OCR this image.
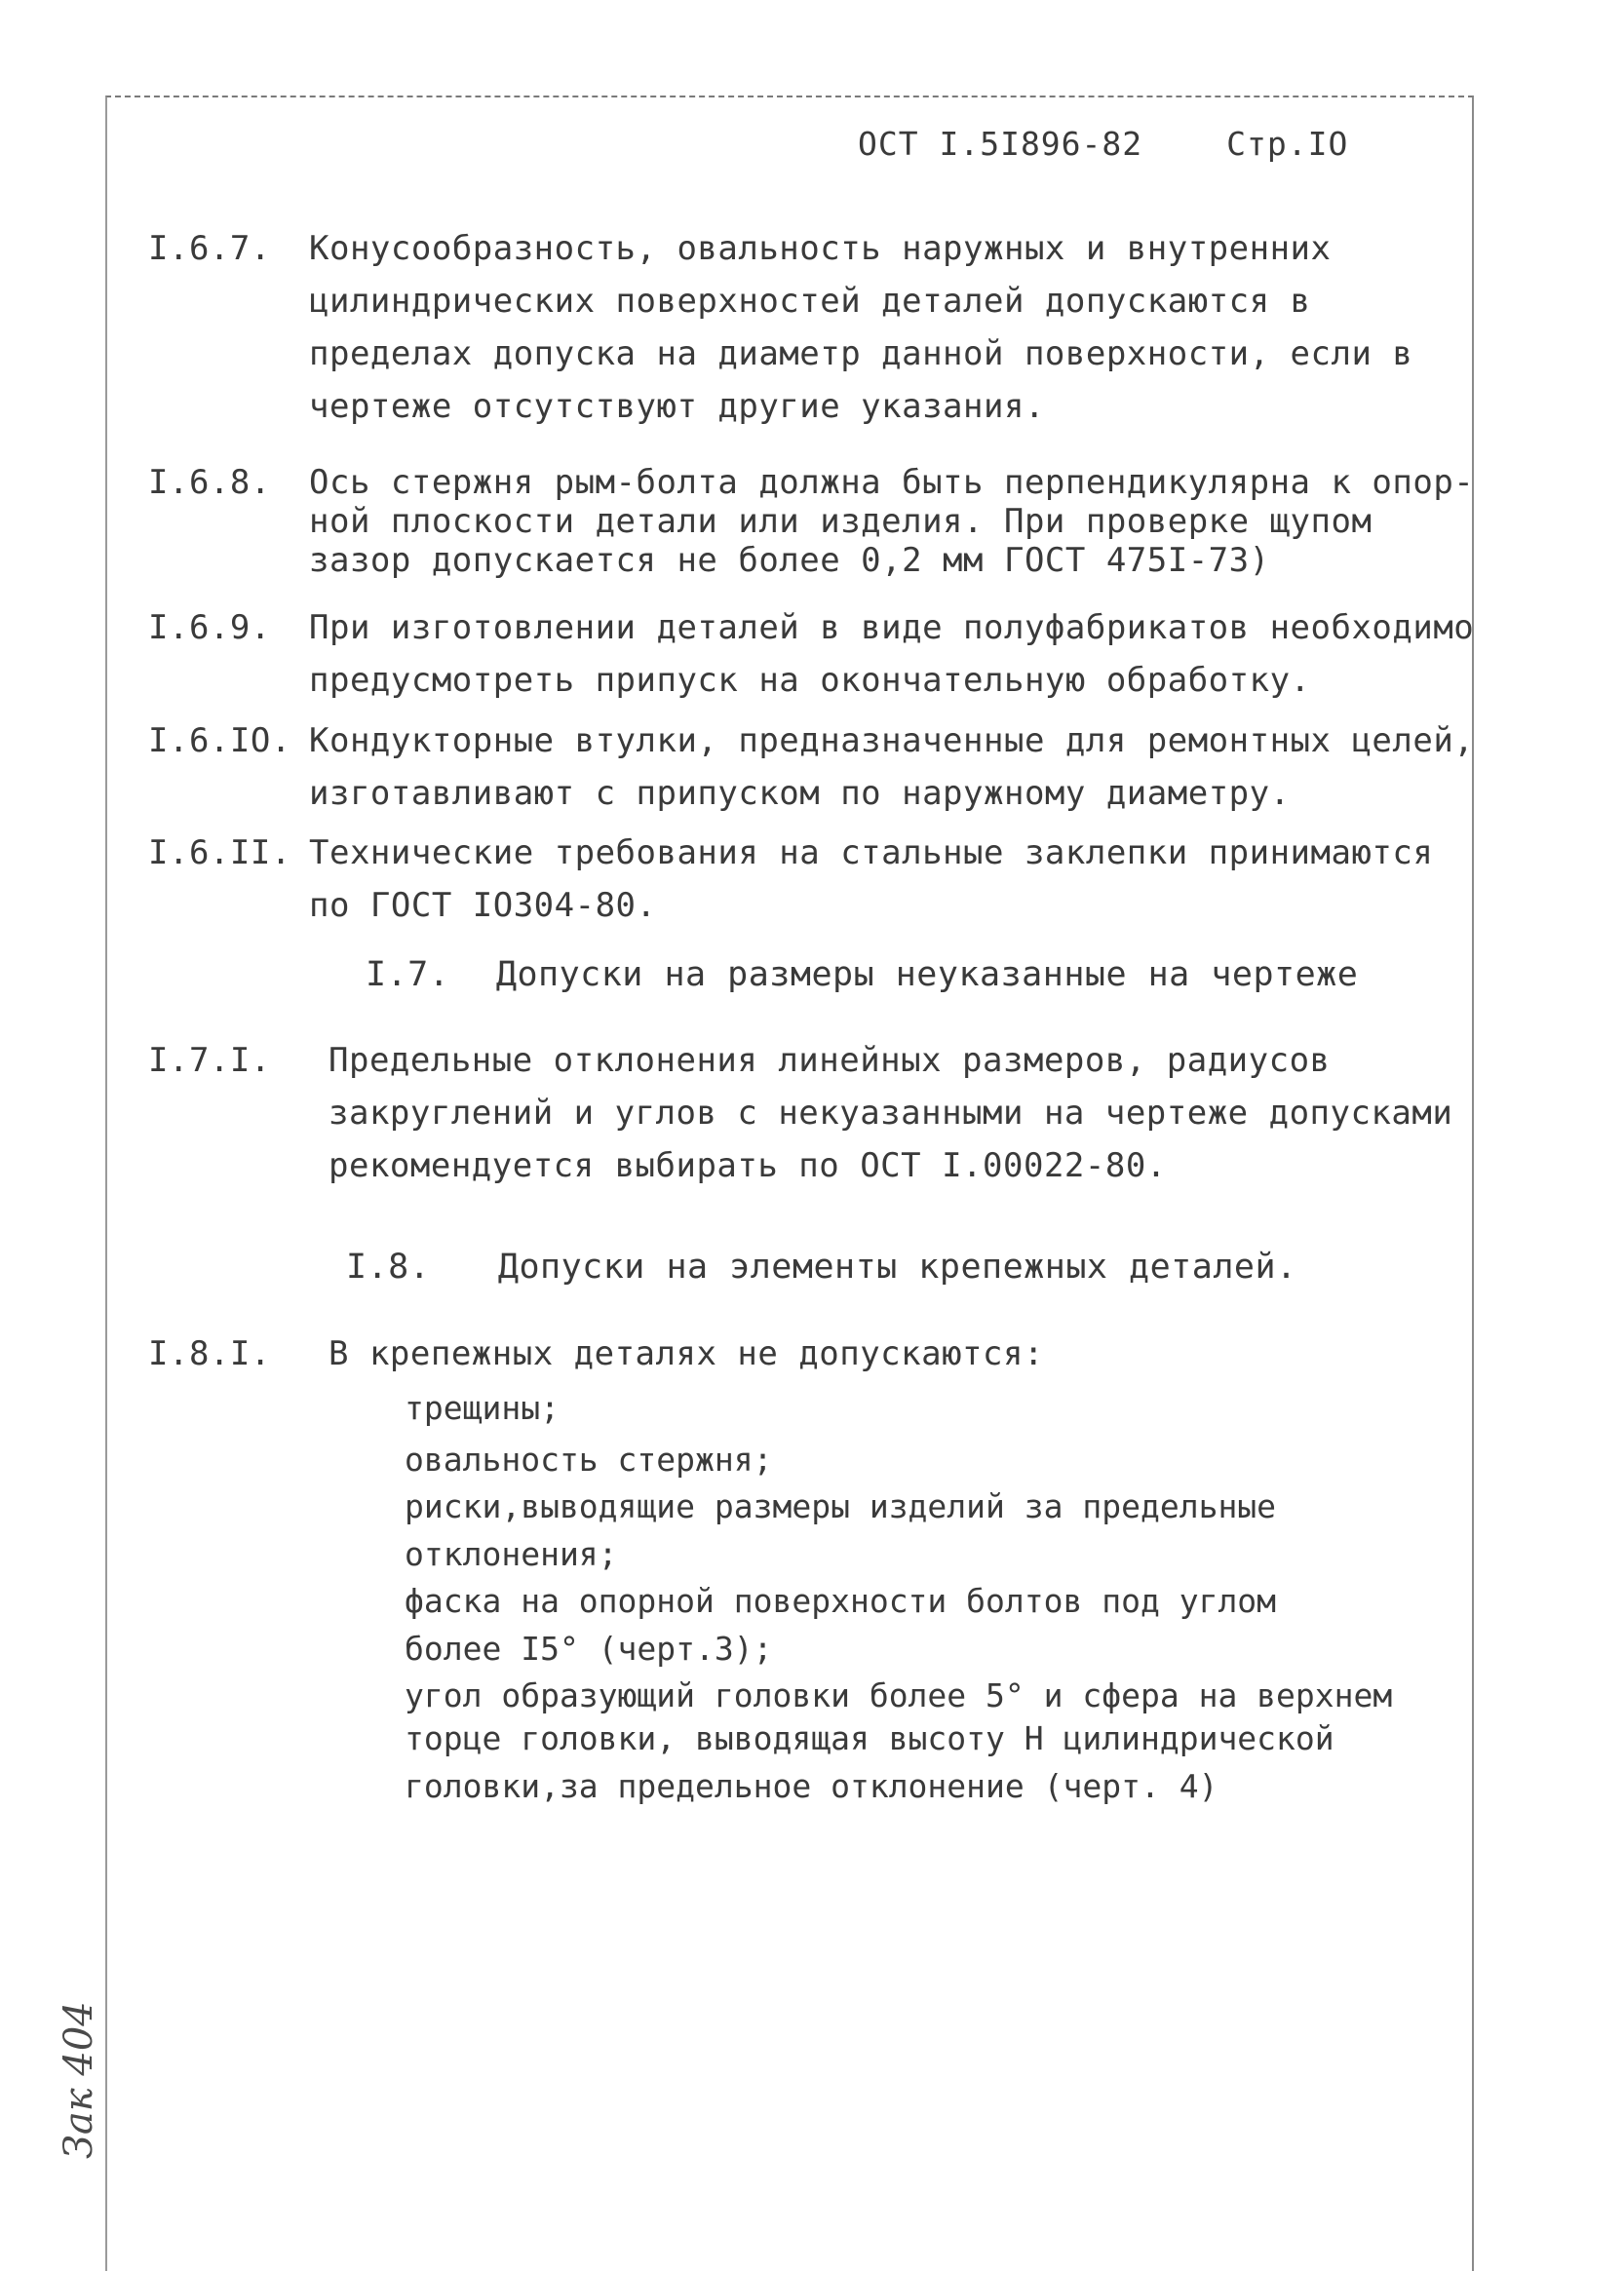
ОСТ I.5I896-82	Стр.IO
I.6.7. Конусообразность, овальность наружных и внутренних
цилиндрических поверхностей деталей допускаются в
пределах допуска на диаметр данной поверхности, если в
чертеже отсутствуют другие указания.
I.6.8. Ось стержня рым-болта должна быть перпендикулярна к опор-
ной плоскости детали или изделия. При проверке щупом
зазор допускается не более 0,2 мм ГОСТ 475I-73)
I.6.9. При изготовлении деталей в виде полуфабрикатов необходимо
предусмотреть припуск на окончательную обработку.
I.6.IO. Кондукторные втулки, предназначенные для ремонтных целей,
изготавливают с припуском по наружному диаметру.
I.6.II. Технические требования на стальные заклепки принимаются
по ГОСТ IO304-80.
I.7. Допуски на размеры неуказанные на чертеже
I.7.I. Предельные отклонения линейных размеров, радиусов
закруглений и углов с некуазанными на чертеже допусками
рекомендуется выбирать по ОСТ I.00022-80.
I.8. Допуски на элементы крепежных деталей.
I.8.I. В крепежных деталях не допускаются:
трещины;
овальность стержня;
риски,выводящие размеры изделий за предельные
отклонения;
фаска на опорной поверхности болтов под углом
более I5° (черт.3);
угол образующий головки более 5° и сфера на верхнем
торце головки, выводящая высоту Н цилиндрической
головки,за предельное отклонение (черт. 4)
Зак 404
